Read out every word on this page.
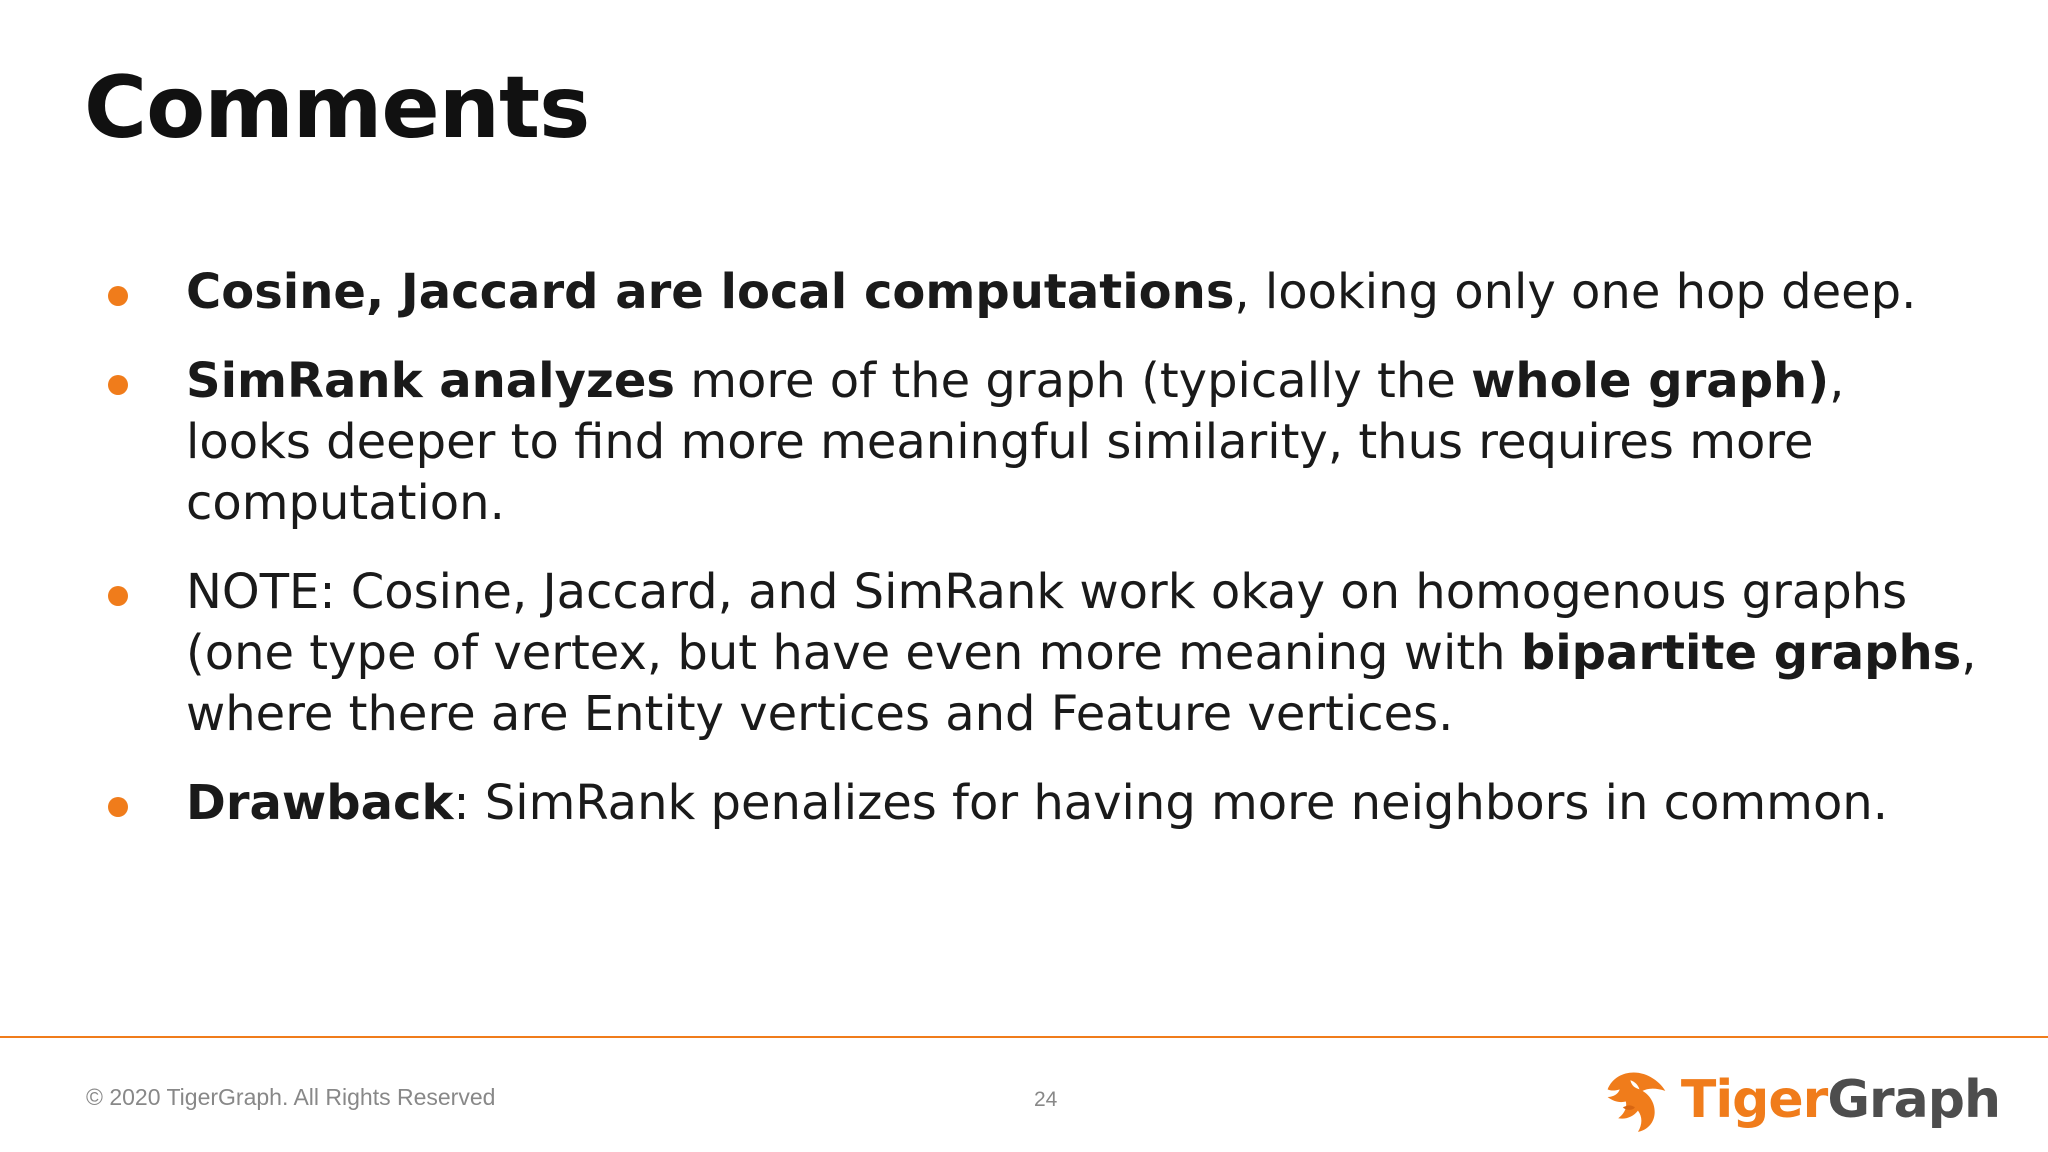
Comments
Cosine, Jaccard are local computations, looking only one hop deep.
SimRank analyzes more of the graph (typically the whole graph), looks deeper to find more meaningful similarity, thus requires more computation.
NOTE: Cosine, Jaccard, and SimRank work okay on homogenous graphs (one type of vertex, but have even more meaning with bipartite graphs, where there are Entity vertices and Feature vertices.
Drawback: SimRank penalizes for having more neighbors in common.
© 2020 TigerGraph. All Rights Reserved	24	TigerGraph
